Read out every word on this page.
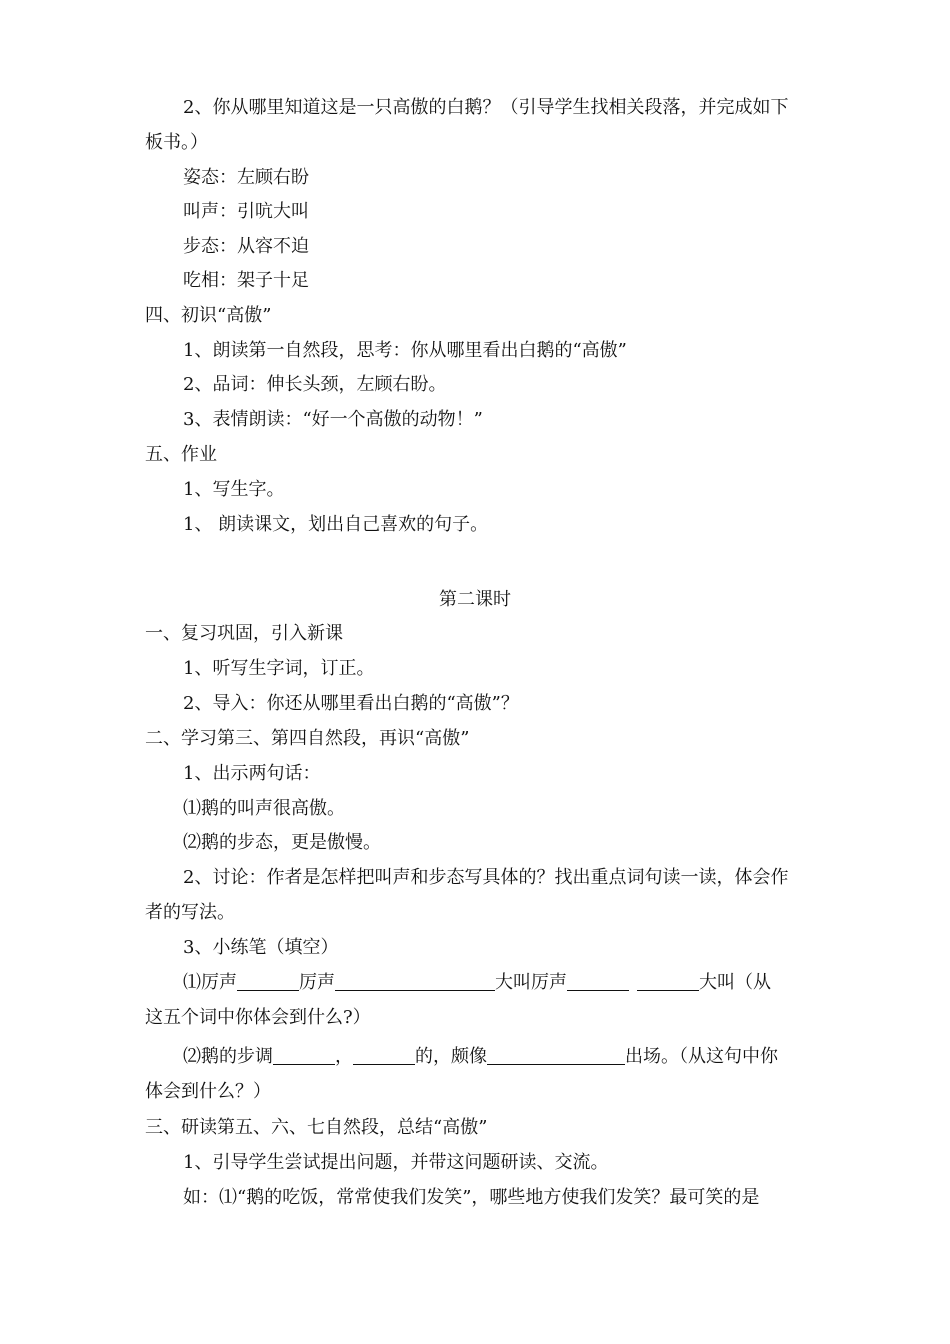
2、你从哪里知道这是一只高傲的白鹅？（引导学生找相关段落，并完成如下
板书。）
姿态：左顾右盼
叫声：引吭大叫
步态：从容不迫
吃相：架子十足
四、初识“高傲”
1、朗读第一自然段，思考：你从哪里看出白鹅的“高傲”
2、品词：伸长头颈，左顾右盼。
3、表情朗读：“好一个高傲的动物！”
五、作业
1、写生字。
1、 朗读课文，划出自己喜欢的句子。
第二课时
一、复习巩固，引入新课
1、听写生字词，订正。
2、导入：你还从哪里看出白鹅的“高傲”？
二、学习第三、第四自然段，再识“高傲”
1、出示两句话：
⑴鹅的叫声很高傲。
⑵鹅的步态，更是傲慢。
2、讨论：作者是怎样把叫声和步态写具体的？找出重点词句读一读，体会作
者的写法。
3、小练笔（填空）
⑴厉声	厉声	大叫厉声	大叫（从
这五个词中你体会到什么?）
⑵鹅的步调	，	的，颇像	出场。（从这句中你
体会到什么？）
三、研读第五、六、七自然段，总结“高傲”
1、引导学生尝试提出问题，并带这问题研读、交流。
如：⑴“鹅的吃饭，常常使我们发笑”，哪些地方使我们发笑？最可笑的是
